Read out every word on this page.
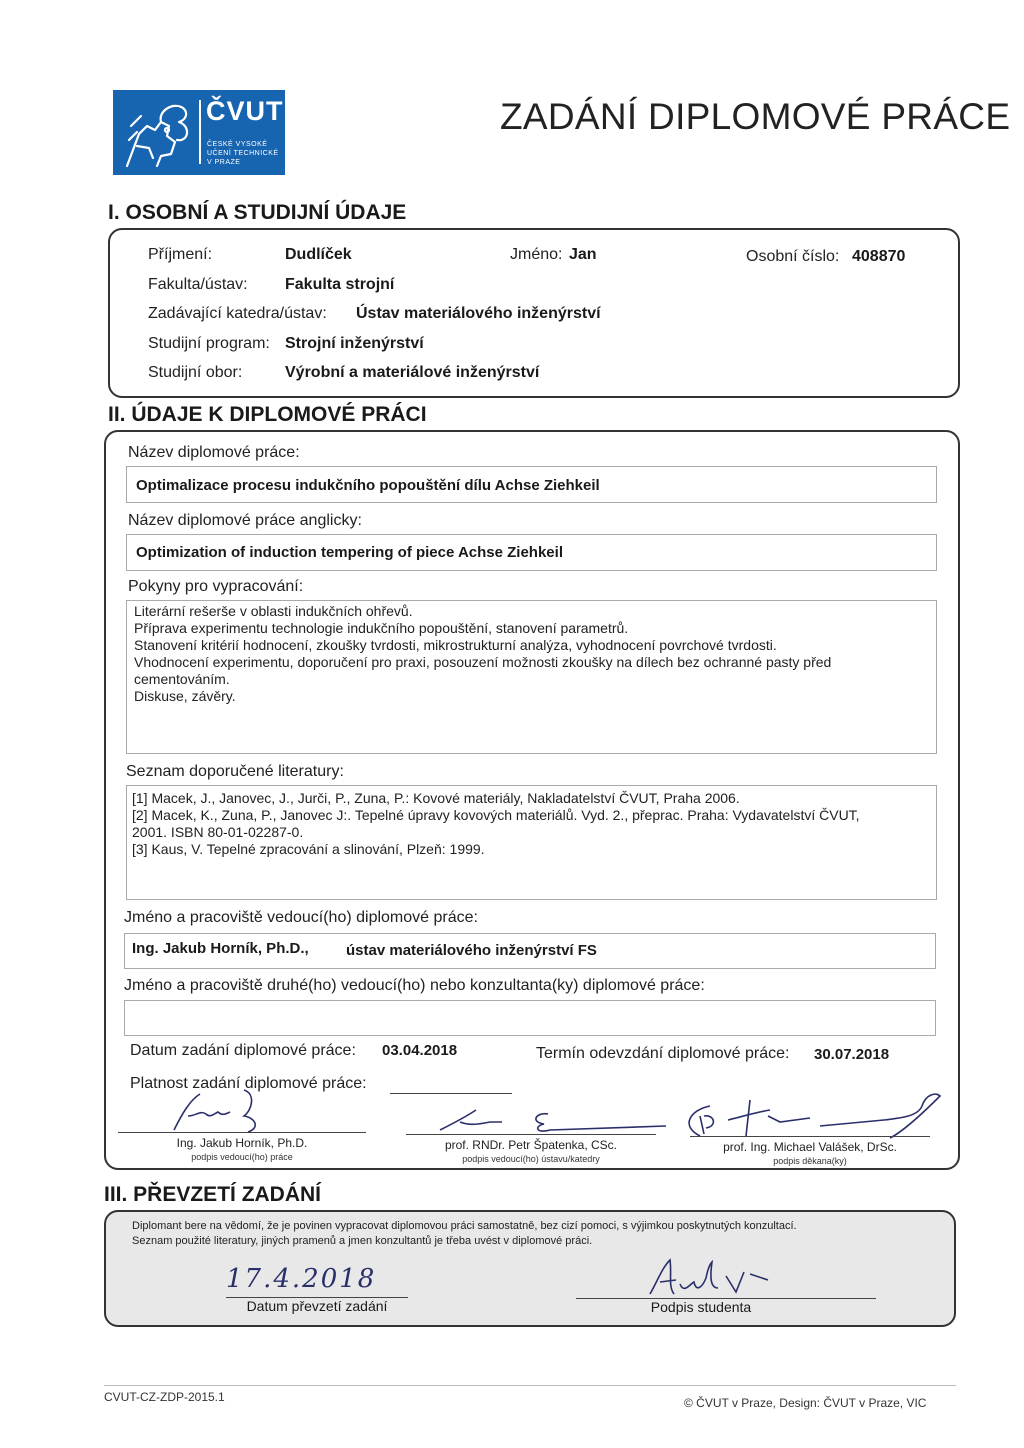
ČVUT
ČESKÉ VYSOKÉ
UČENÍ TECHNICKÉ
V PRAZE
ZADÁNÍ DIPLOMOVÉ PRÁCE
I. OSOBNÍ A STUDIJNÍ ÚDAJE
Příjmení:	Dudlíček	Jméno: Jan	Osobní číslo: 408870
Fakulta/ústav: Fakulta strojní
Zadávající katedra/ústav: Ústav materiálového inženýrství
Studijní program: Strojní inženýrství
Studijní obor:	Výrobní a materiálové inženýrství
II. ÚDAJE K DIPLOMOVÉ PRÁCI
Název diplomové práce:
Optimalizace procesu indukčního popouštění dílu Achse Ziehkeil
Název diplomové práce anglicky:
Optimization of induction tempering of piece Achse Ziehkeil
Pokyny pro vypracování:
Literární rešerše v oblasti indukčních ohřevů.
Příprava experimentu technologie indukčního popouštění, stanovení parametrů.
Stanovení kritérií hodnocení, zkoušky tvrdosti, mikrostrukturní analýza, vyhodnocení povrchové tvrdosti.
Vhodnocení experimentu, doporučení pro praxi, posouzení možnosti zkoušky na dílech bez ochranné pasty před
cementováním.
Diskuse, závěry.
Seznam doporučené literatury:
[1] Macek, J., Janovec, J., Jurči, P., Zuna, P.: Kovové materiály, Nakladatelství ČVUT, Praha 2006.
[2] Macek, K., Zuna, P., Janovec J:. Tepelné úpravy kovových materiálů. Vyd. 2., přeprac. Praha: Vydavatelství ČVUT,
2001. ISBN 80-01-02287-0.
[3] Kaus, V. Tepelné zpracování a slinování, Plzeň: 1999.
Jméno a pracoviště vedoucí(ho) diplomové práce:
Ing. Jakub Horník, Ph.D., ústav materiálového inženýrství FS
Jméno a pracoviště druhé(ho) vedoucí(ho) nebo konzultanta(ky) diplomové práce:
Datum zadání diplomové práce: 03.04.2018	Termín odevzdání diplomové práce: 30.07.2018
Platnost zadání diplomové práce:
Ing. Jakub Horník, Ph.D.
podpis vedoucí(ho) práce
prof. RNDr. Petr Špatenka, CSc.
podpis vedoucí(ho) ústavu/katedry
prof. Ing. Michael Valášek, DrSc.
podpis děkana(ky)
III. PŘEVZETÍ ZADÁNÍ
Diplomant bere na vědomí, že je povinen vypracovat diplomovou práci samostatně, bez cizí pomoci, s výjimkou poskytnutých konzultací.
Seznam použité literatury, jiných pramenů a jmen konzultantů je třeba uvést v diplomové práci.
17.4.2018
Datum převzetí zadání	Podpis studenta
CVUT-CZ-ZDP-2015.1	© ČVUT v Praze, Design: ČVUT v Praze, VIC
